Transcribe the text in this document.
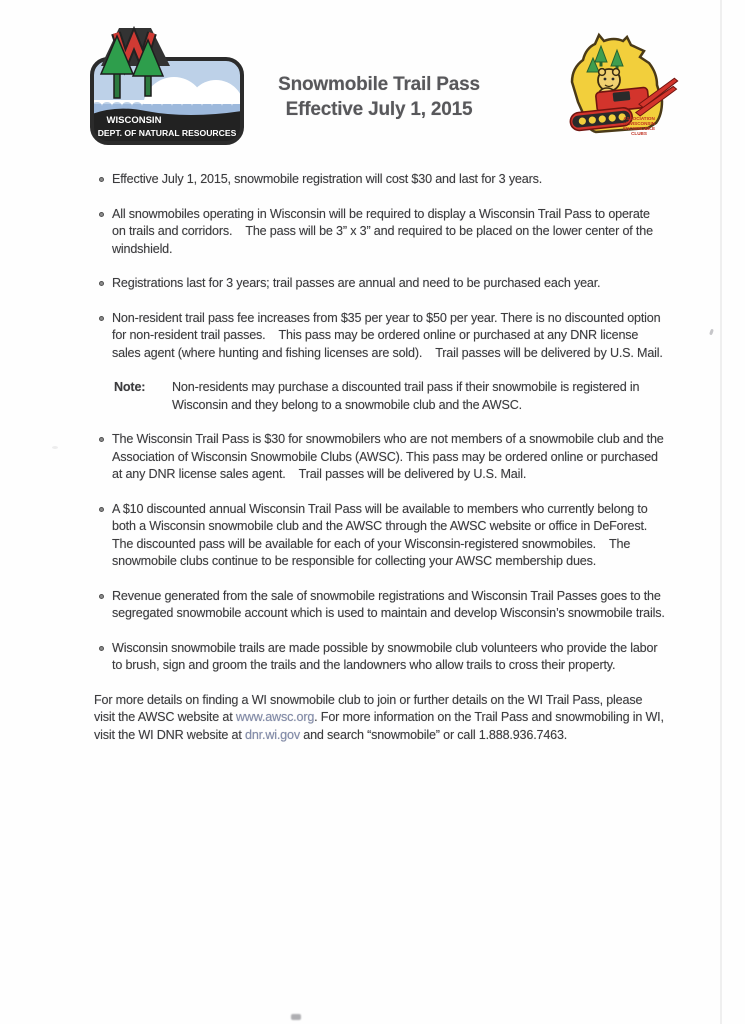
WISCONSIN
DEPT. OF NATURAL RESOURCES
Snowmobile Trail Pass
Effective July 1, 2015	ASSOCIATION
of WISCONSIN
SNOWMOBILE
CLUBS

Effective July 1, 2015, snowmobile registration will cost $30 and last for 3 years.

All snowmobiles operating in Wisconsin will be required to display a Wisconsin Trail Pass to operate on trails and corridors.    The pass will be 3” x 3” and required to be placed on the lower center of the windshield.

Registrations last for 3 years; trail passes are annual and need to be purchased each year.

Non-resident trail pass fee increases from $35 per year to $50 per year. There is no discounted option for non-resident trail passes.    This pass may be ordered online or purchased at any DNR license sales agent (where hunting and fishing licenses are sold).    Trail passes will be delivered by U.S. Mail.

Note:	Non-residents may purchase a discounted trail pass if their snowmobile is registered in Wisconsin and they belong to a snowmobile club and the AWSC.

The Wisconsin Trail Pass is $30 for snowmobilers who are not members of a snowmobile club and the Association of Wisconsin Snowmobile Clubs (AWSC). This pass may be ordered online or purchased at any DNR license sales agent.    Trail passes will be delivered by U.S. Mail.

A $10 discounted annual Wisconsin Trail Pass will be available to members who currently belong to both a Wisconsin snowmobile club and the AWSC through the AWSC website or office in DeForest.    The discounted pass will be available for each of your Wisconsin-registered snowmobiles.    The snowmobile clubs continue to be responsible for collecting your AWSC membership dues.

Revenue generated from the sale of snowmobile registrations and Wisconsin Trail Passes goes to the segregated snowmobile account which is used to maintain and develop Wisconsin’s snowmobile trails.

Wisconsin snowmobile trails are made possible by snowmobile club volunteers who provide the labor to brush, sign and groom the trails and the landowners who allow trails to cross their property.

For more details on finding a WI snowmobile club to join or further details on the WI Trail Pass, please visit the AWSC website at www.awsc.org. For more information on the Trail Pass and snowmobiling in WI, visit the WI DNR website at dnr.wi.gov and search “snowmobile” or call 1.888.936.7463.
